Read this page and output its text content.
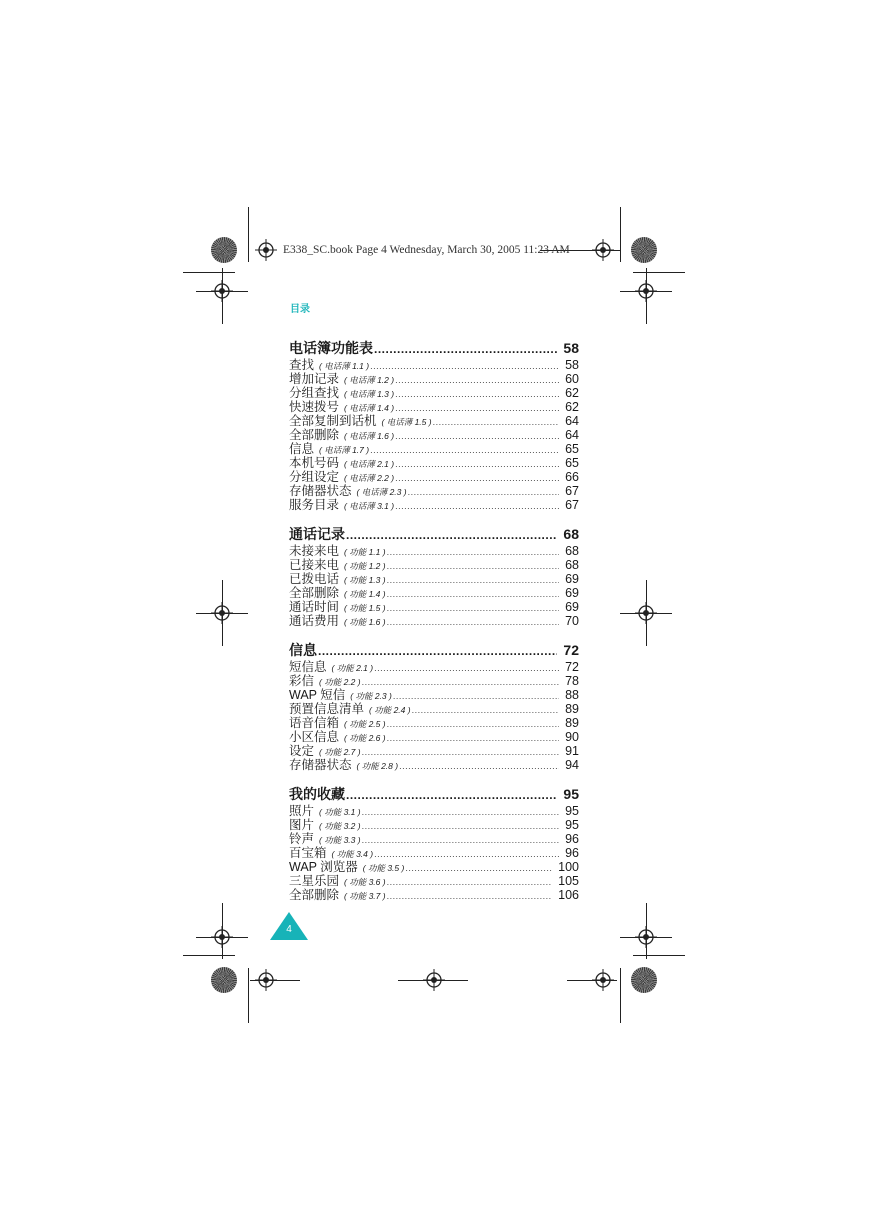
E338_SC.book Page 4 Wednesday, March 30, 2005 11:23 AM
目录
电话簿功能表 .....	58
查找 ( 电话薄 1.1 ) .....	58
增加记录 ( 电话薄 1.2 ) .....	60
分组查找 ( 电话薄 1.3 ) .....	62
快速拨号 ( 电话薄 1.4 ) .....	62
全部复制到话机 ( 电话薄 1.5 ) .....	64
全部删除 ( 电话薄 1.6 ) .....	64
信息 ( 电话薄 1.7 ) .....	65
本机号码 ( 电话薄 2.1 ) .....	65
分组设定 ( 电话薄 2.2 ) .....	66
存储器状态 ( 电话薄 2.3 ) .....	67
服务目录 ( 电话薄 3.1 ) .....	67
通话记录 .....	68
未接来电 ( 功能 1.1 ) .....	68
已接来电 ( 功能 1.2 ) .....	68
已拨电话 ( 功能 1.3 ) .....	69
全部删除 ( 功能 1.4 ) .....	69
通话时间 ( 功能 1.5 ) .....	69
通话费用 ( 功能 1.6 ) .....	70
信息 .....	72
短信息 ( 功能 2.1 ) .....	72
彩信 ( 功能 2.2 ) .....	78
WAP 短信 ( 功能 2.3 ) .....	88
预置信息清单 ( 功能 2.4 ) .....	89
语音信箱 ( 功能 2.5 ) .....	89
小区信息 ( 功能 2.6 ) .....	90
设定 ( 功能 2.7 ) .....	91
存储器状态 ( 功能 2.8 ) .....	94
我的收藏 .....	95
照片 ( 功能 3.1 ) .....	95
图片 ( 功能 3.2 ) .....	95
铃声 ( 功能 3.3 ) .....	96
百宝箱 ( 功能 3.4 ) .....	96
WAP 浏览器 ( 功能 3.5 ) .....	100
三星乐园 ( 功能 3.6 ) .....	105
全部删除 ( 功能 3.7 ) .....	106
4
